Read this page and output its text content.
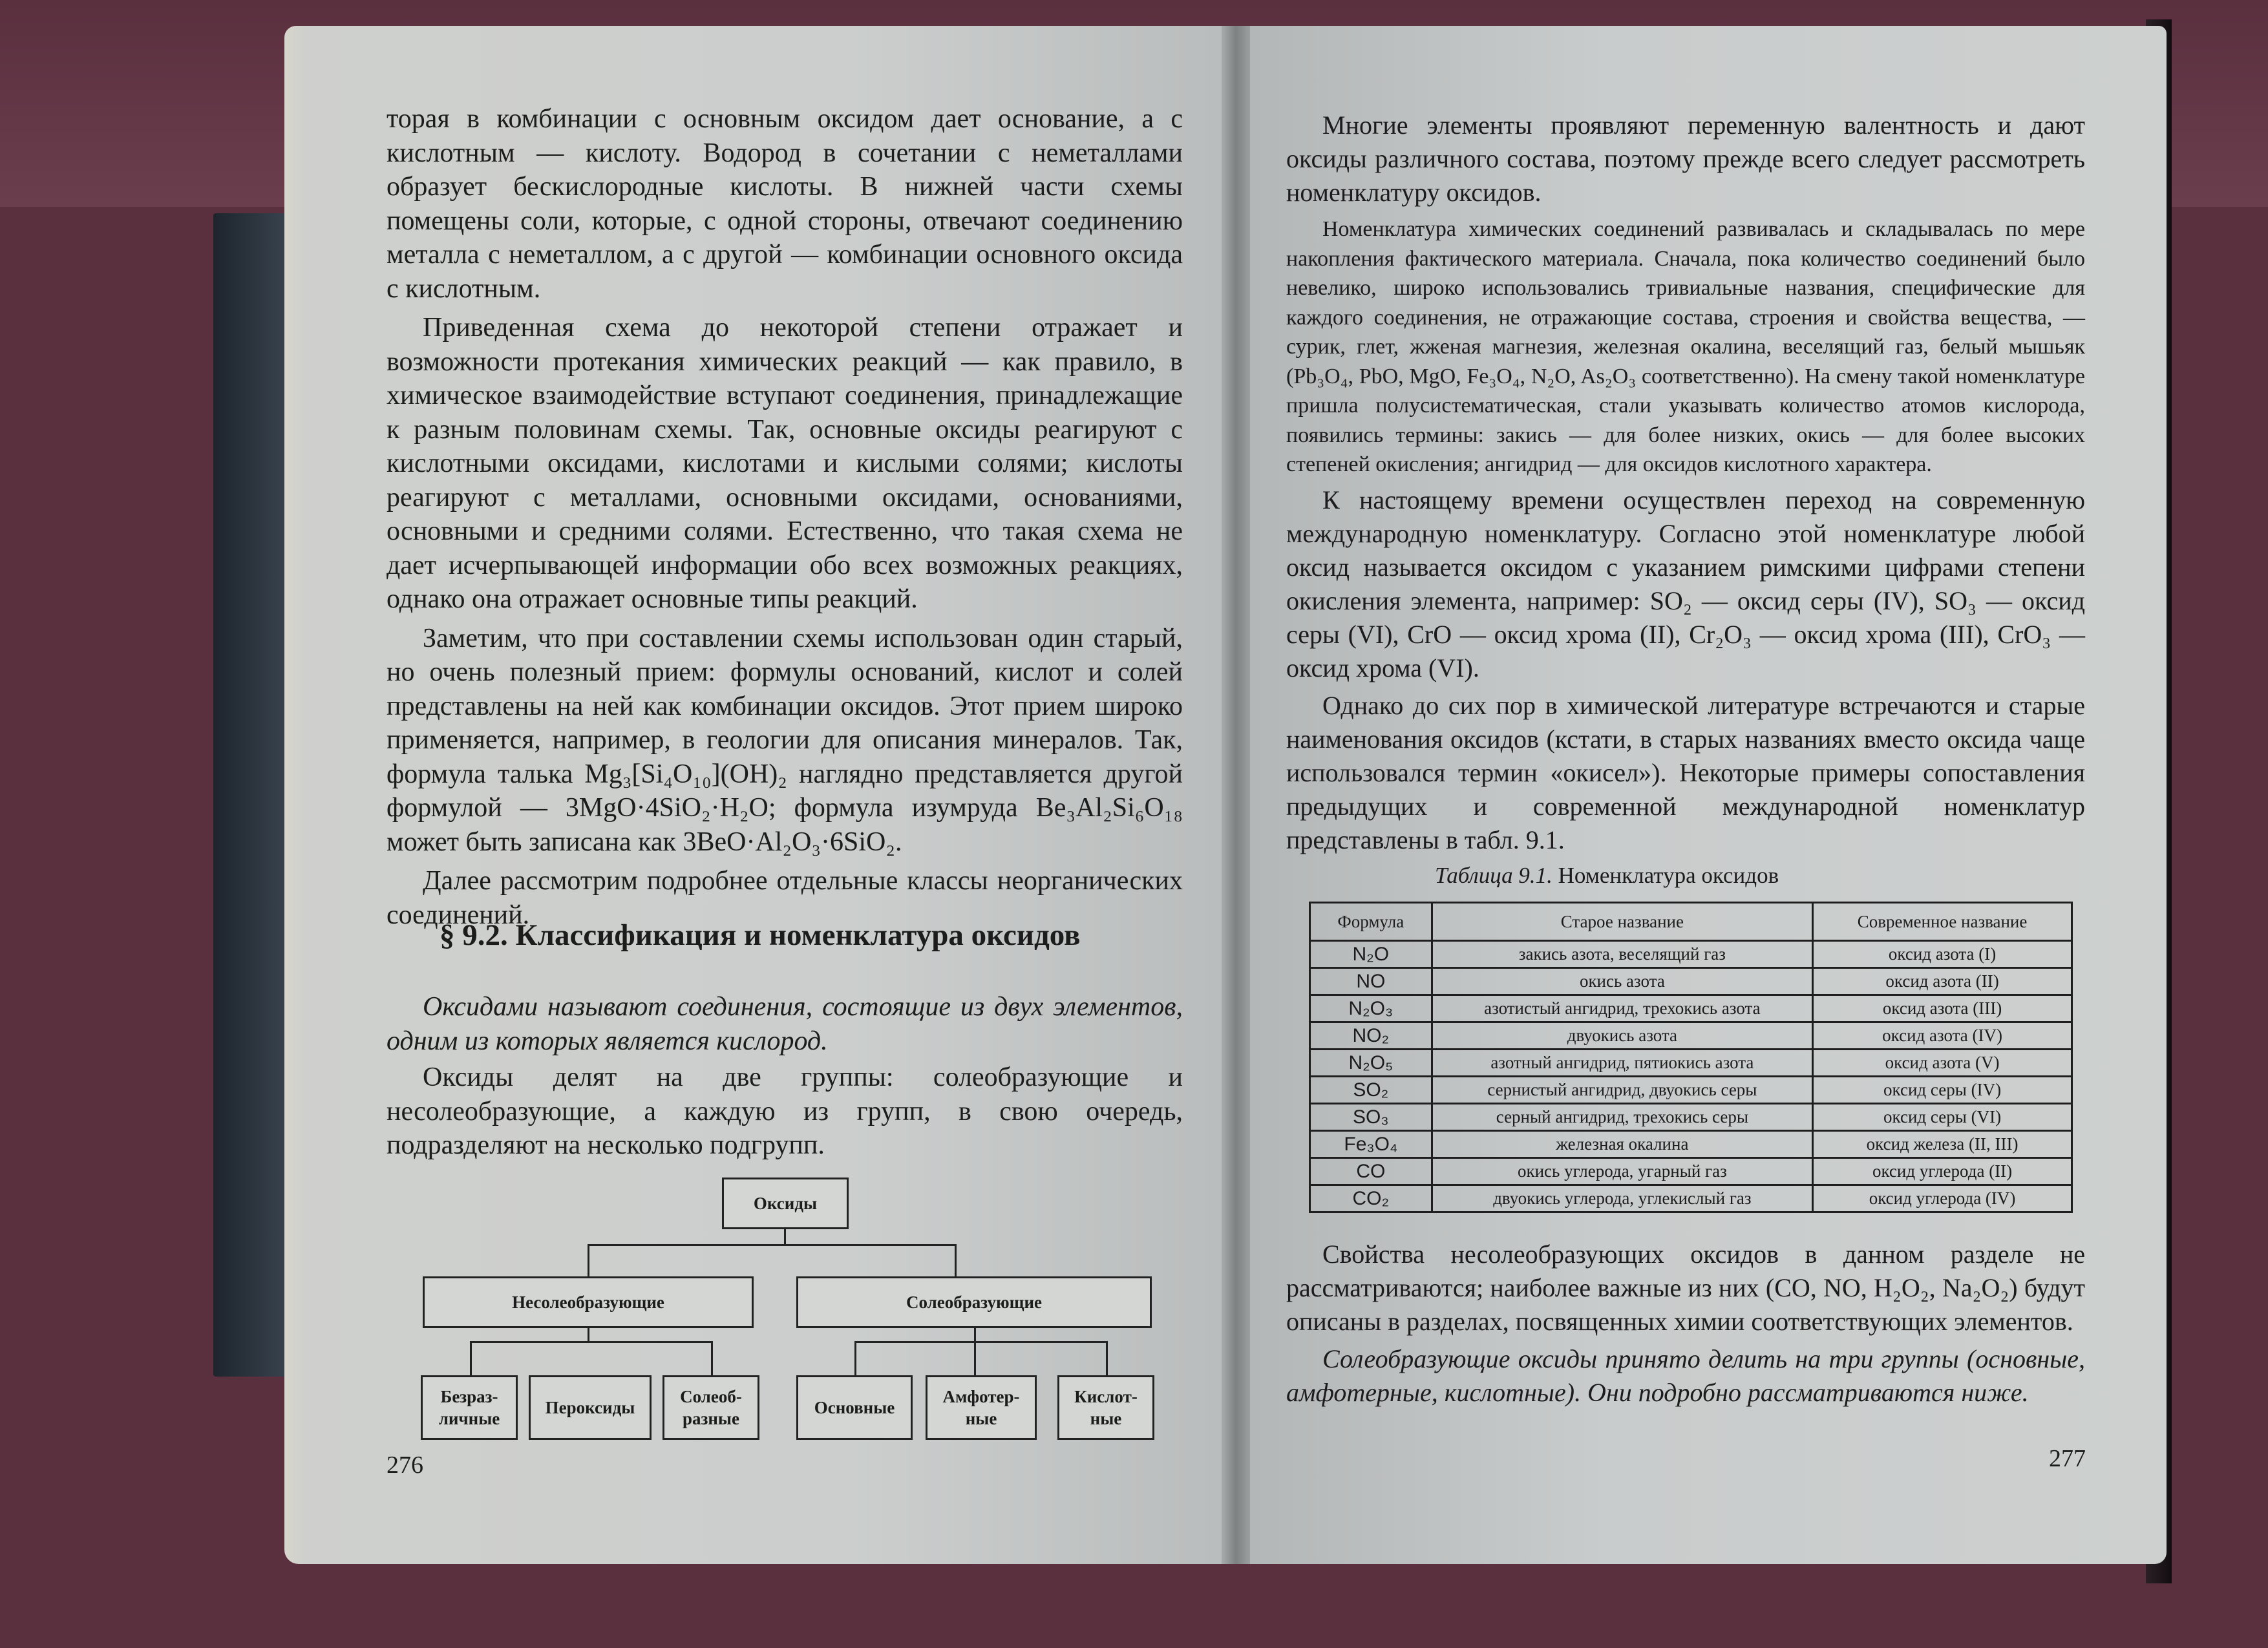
торая в комбинации с основным оксидом дает основание, а с кислотным — кислоту. Водород в сочетании с неметаллами образует бескислородные кислоты. В нижней части схемы помещены соли, которые, с одной стороны, отвечают соединению металла с неметаллом, а с другой — комбинации основного оксида с кислотным.

Приведенная схема до некоторой степени отражает и возможности протекания химических реакций — как правило, в химическое взаимодействие вступают соединения, принадлежащие к разным половинам схемы. Так, основные оксиды реагируют с кислотными оксидами, кислотами и кислыми солями; кислоты реагируют с металлами, основными оксидами, основаниями, основными и средними солями. Естественно, что такая схема не дает исчерпывающей информации обо всех возможных реакциях, однако она отражает основные типы реакций.

Заметим, что при составлении схемы использован один старый, но очень полезный прием: формулы оснований, кислот и солей представлены на ней как комбинации оксидов. Этот прием широко применяется, например, в геологии для описания минералов. Так, формула талька Mg₃[Si₄O₁₀](OH)₂ наглядно представляется другой формулой — 3MgO·4SiO₂·H₂O; формула изумруда Be₃Al₂Si₆O₁₈ может быть записана как 3BeO·Al₂O₃·6SiO₂.

Далее рассмотрим подробнее отдельные классы неорганических соединений.

§ 9.2. Классификация и номенклатура оксидов

Оксидами называют соединения, состоящие из двух элементов, одним из которых является кислород.

Оксиды делят на две группы: солеобразующие и несолеобразующие, а каждую из групп, в свою очередь, подразделяют на несколько подгрупп.

Оксиды
Несолеобразующие	Солеобразующие
Безраз-
личные
Пероксиды
Солеоб-
разные
Основные
Амфотер-
ные
Кислот-
ные
276

Многие элементы проявляют переменную валентность и дают оксиды различного состава, поэтому прежде всего следует рассмотреть номенклатуру оксидов.

Номенклатура химических соединений развивалась и складывалась по мере накопления фактического материала. Сначала, пока количество соединений было невелико, широко использовались тривиальные названия, специфические для каждого соединения, не отражающие состава, строения и свойства вещества, — сурик, глет, жженая магнезия, железная окалина, веселящий газ, белый мышьяк (Pb₃O₄, PbO, MgO, Fe₃O₄, N₂O, As₂O₃ соответственно). На смену такой номенклатуре пришла полусистематическая, стали указывать количество атомов кислорода, появились термины: закись — для более низких, окись — для более высоких степеней окисления; ангидрид — для оксидов кислотного характера.

К настоящему времени осуществлен переход на современную международную номенклатуру. Согласно этой номенклатуре любой оксид называется оксидом с указанием римскими цифрами степени окисления элемента, например: SO₂ — оксид серы (IV), SO₃ — оксид серы (VI), CrO — оксид хрома (II), Cr₂O₃ — оксид хрома (III), CrO₃ — оксид хрома (VI).

Однако до сих пор в химической литературе встречаются и старые наименования оксидов (кстати, в старых названиях вместо оксида чаще использовался термин «окисел»). Некоторые примеры сопоставления предыдущих и современной международной номенклатур представлены в табл. 9.1.

Таблица 9.1. Номенклатура оксидов
Формула	Старое название	Современное название
N₂O	закись азота, веселящий газ	оксид азота (I)
NO	окись азота	оксид азота (II)
N₂O₃	азотистый ангидрид, трехокись азота	оксид азота (III)
NO₂	двуокись азота	оксид азота (IV)
N₂O₅	азотный ангидрид, пятиокись азота	оксид азота (V)
SO₂	сернистый ангидрид, двуокись серы	оксид серы (IV)
SO₃	серный ангидрид, трехокись серы	оксид серы (VI)
Fe₃O₄	железная окалина	оксид железа (II, III)
CO	окись углерода, угарный газ	оксид углерода (II)
CO₂	двуокись углерода, углекислый газ	оксид углерода (IV)

Свойства несолеобразующих оксидов в данном разделе не рассматриваются; наиболее важные из них (CO, NO, H₂O₂, Na₂O₂) будут описаны в разделах, посвященных химии соответствующих элементов.

Солеобразующие оксиды принято делить на три группы (основные, амфотерные, кислотные). Они подробно рассматриваются ниже.

277
